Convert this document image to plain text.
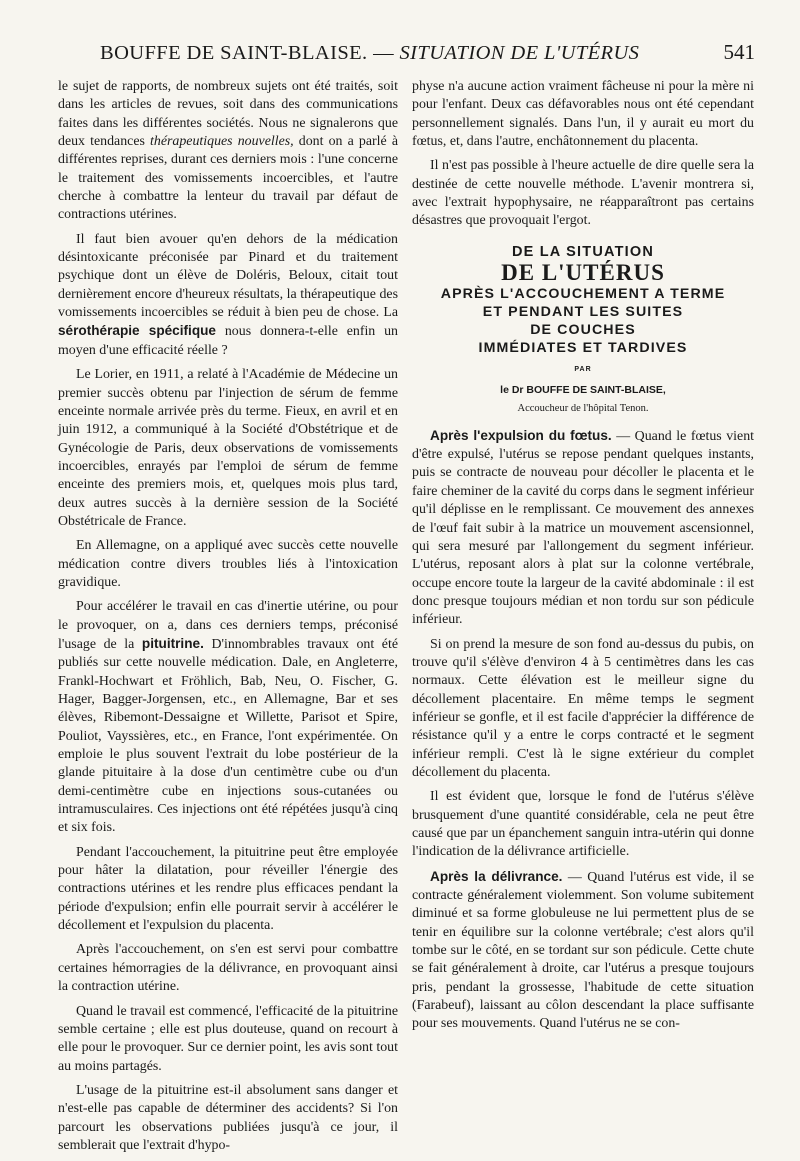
BOUFFE DE SAINT-BLAISE. — SITUATION DE L'UTÉRUS	541

le sujet de rapports, de nombreux sujets ont été traités, soit dans les articles de revues, soit dans des communications faites dans les différentes sociétés. Nous ne signalerons que deux tendances thérapeutiques nouvelles, dont on a parlé à différentes reprises, durant ces derniers mois : l'une concerne le traitement des vomissements incoercibles, et l'autre cherche à combattre la lenteur du travail par défaut de contractions utérines.

Il faut bien avouer qu'en dehors de la médication désintoxicante préconisée par Pinard et du traitement psychique dont un élève de Doléris, Beloux, citait tout dernièrement encore d'heureux résultats, la thérapeutique des vomissements incoercibles se réduit à bien peu de chose. La sérothérapie spécifique nous donnera-t-elle enfin un moyen d'une efficacité réelle ?

Le Lorier, en 1911, a relaté à l'Académie de Médecine un premier succès obtenu par l'injection de sérum de femme enceinte normale arrivée près du terme. Fieux, en avril et en juin 1912, a communiqué à la Société d'Obstétrique et de Gynécologie de Paris, deux observations de vomissements incoercibles, enrayés par l'emploi de sérum de femme enceinte des premiers mois, et, quelques mois plus tard, deux autres succès à la dernière session de la Société Obstétricale de France.

En Allemagne, on a appliqué avec succès cette nouvelle médication contre divers troubles liés à l'intoxication gravidique.

Pour accélérer le travail en cas d'inertie utérine, ou pour le provoquer, on a, dans ces derniers temps, préconisé l'usage de la pituitrine. D'innombrables travaux ont été publiés sur cette nouvelle médication. Dale, en Angleterre, Frankl-Hochwart et Fröhlich, Bab, Neu, O. Fischer, G. Hager, Bagger-Jorgensen, etc., en Allemagne, Bar et ses élèves, Ribemont-Dessaigne et Willette, Parisot et Spire, Pouliot, Vayssières, etc., en France, l'ont expérimentée. On emploie le plus souvent l'extrait du lobe postérieur de la glande pituitaire à la dose d'un centimètre cube ou d'un demi-centimètre cube en injections sous-cutanées ou intramusculaires. Ces injections ont été répétées jusqu'à cinq et six fois.

Pendant l'accouchement, la pituitrine peut être employée pour hâter la dilatation, pour réveiller l'énergie des contractions utérines et les rendre plus efficaces pendant la période d'expulsion; enfin elle pourrait servir à accélérer le décollement et l'expulsion du placenta.

Après l'accouchement, on s'en est servi pour combattre certaines hémorragies de la délivrance, en provoquant ainsi la contraction utérine.

Quand le travail est commencé, l'efficacité de la pituitrine semble certaine ; elle est plus douteuse, quand on recourt à elle pour le provoquer. Sur ce dernier point, les avis sont tout au moins partagés.

L'usage de la pituitrine est-il absolument sans danger et n'est-elle pas capable de déterminer des accidents? Si l'on parcourt les observations publiées jusqu'à ce jour, il semblerait que l'extrait d'hypo-

physe n'a aucune action vraiment fâcheuse ni pour la mère ni pour l'enfant. Deux cas défavorables nous ont été cependant personnellement signalés. Dans l'un, il y aurait eu mort du fœtus, et, dans l'autre, enchâtonnement du placenta.

Il n'est pas possible à l'heure actuelle de dire quelle sera la destinée de cette nouvelle méthode. L'avenir montrera si, avec l'extrait hypophysaire, ne réapparaîtront pas certains désastres que provoquait l'ergot.

DE LA SITUATION
DE L'UTÉRUS
APRÈS L'ACCOUCHEMENT A TERME
ET PENDANT LES SUITES
DE COUCHES
IMMÉDIATES ET TARDIVES
PAR
le Dr BOUFFE DE SAINT-BLAISE,
Accoucheur de l'hôpital Tenon.

Après l'expulsion du fœtus. — Quand le fœtus vient d'être expulsé, l'utérus se repose pendant quelques instants, puis se contracte de nouveau pour décoller le placenta et le faire cheminer de la cavité du corps dans le segment inférieur qu'il déplisse en le remplissant. Ce mouvement des annexes de l'œuf fait subir à la matrice un mouvement ascensionnel, qui sera mesuré par l'allongement du segment inférieur. L'utérus, reposant alors à plat sur la colonne vertébrale, occupe encore toute la largeur de la cavité abdominale : il est donc presque toujours médian et non tordu sur son pédicule inférieur.

Si on prend la mesure de son fond au-dessus du pubis, on trouve qu'il s'élève d'environ 4 à 5 centimètres dans les cas normaux. Cette élévation est le meilleur signe du décollement placentaire. En même temps le segment inférieur se gonfle, et il est facile d'apprécier la différence de résistance qu'il y a entre le corps contracté et le segment inférieur rempli. C'est là le signe extérieur du complet décollement du placenta.

Il est évident que, lorsque le fond de l'utérus s'élève brusquement d'une quantité considérable, cela ne peut être causé que par un épanchement sanguin intra-utérin qui donne l'indication de la délivrance artificielle.

Après la délivrance. — Quand l'utérus est vide, il se contracte généralement violemment. Son volume subitement diminué et sa forme globuleuse ne lui permettent plus de se tenir en équilibre sur la colonne vertébrale; c'est alors qu'il tombe sur le côté, en se tordant sur son pédicule. Cette chute se fait généralement à droite, car l'utérus a presque toujours pris, pendant la grossesse, l'habitude de cette situation (Farabeuf), laissant au côlon descendant la place suffisante pour ses mouvements. Quand l'utérus ne se con-
